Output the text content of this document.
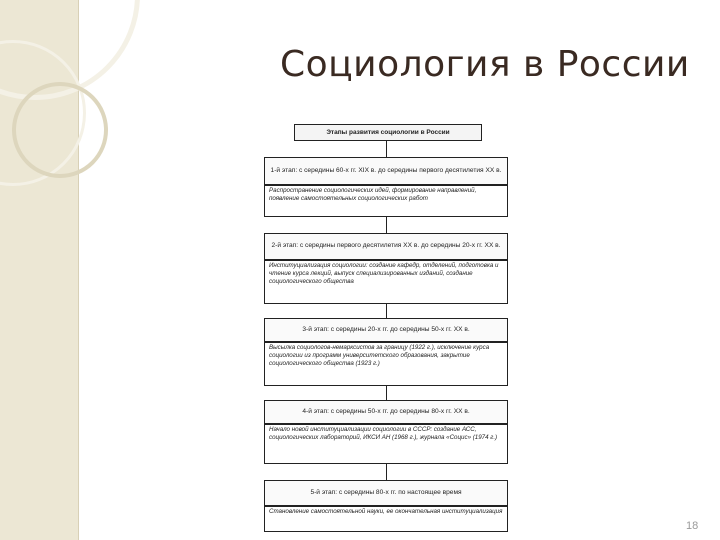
Социология в России
Этапы развития социологии в России
1-й этап: с середины 60-х гг. XIX в. до середины первого десятилетия XX в.
Распространение социологических идей, формирование направлений, появление самостоятельных социологических работ
2-й этап: с середины первого десятилетия XX в. до середины 20-х гг. XX в.
Институциализация социологии: создание кафедр, отделений, подготовка и чтение курса лекций, выпуск специализированных изданий, создание социологического общества
3-й этап: с середины 20-х гг. до середины 50-х гг. XX в.
Высылка социологов-немарксистов за границу (1922 г.), исключение курса социологии из программ университетского образования, закрытие социологического общества (1923 г.)
4-й этап: с середины 50-х гг. до середины 80-х гг. XX в.
Начало новой институциализации социологии в СССР: создание АСС, социологических лабораторий, ИКСИ АН (1968 г.), журнала «Социс» (1974 г.)
5-й этап: с середины 80-х гг. по настоящее время
Становление самостоятельной науки, ее окончательная институциализация
18
